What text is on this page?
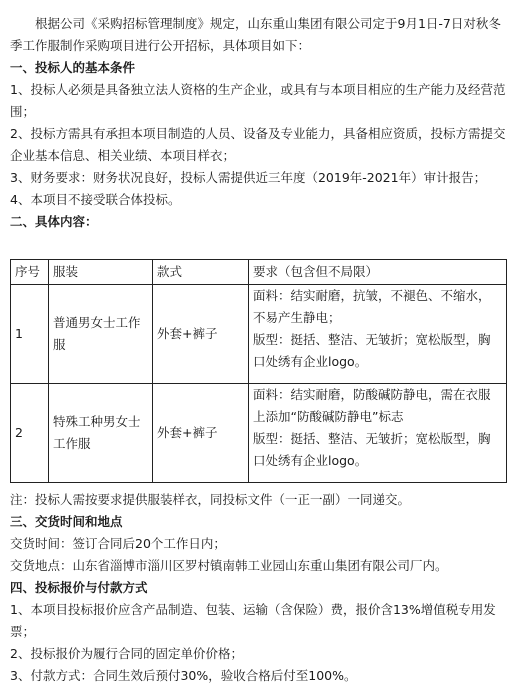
根据公司《采购招标管理制度》规定，山东重山集团有限公司定于9月1日-7日对秋冬季工作服制作采购项目进行公开招标，具体项目如下：

一、投标人的基本条件

1、投标人必须是具备独立法人资格的生产企业，或具有与本项目相应的生产能力及经营范围；

2、投标方需具有承担本项目制造的人员、设备及专业能力，具备相应资质，投标方需提交企业基本信息、相关业绩、本项目样衣；

3、财务要求：财务状况良好，投标人需提供近三年度（2019年-2021年）审计报告；

4、本项目不接受联合体投标。

二、具体内容：

序号	服装	款式	要求（包含但不局限）
1	普通男女士工作服	外套+裤子	面料：结实耐磨，抗皱，不褪色、不缩水，不易产生静电；
版型：挺括、整洁、无皱折；宽松版型，胸口处绣有企业logo。

2	特殊工种男女士工作服	外套+裤子	面料：结实耐磨，防酸碱防静电，需在衣服上添加“防酸碱防静电”标志
版型：挺括、整洁、无皱折；宽松版型，胸口处绣有企业logo。

注：投标人需按要求提供服装样衣，同投标文件（一正一副）一同递交。

三、交货时间和地点

交货时间：签订合同后20个工作日内；

交货地点：山东省淄博市淄川区罗村镇南韩工业园山东重山集团有限公司厂内。

四、投标报价与付款方式

1、本项目投标报价应含产品制造、包装、运输（含保险）费，报价含13%增值税专用发票；

2、投标报价为履行合同的固定单价价格；

3、付款方式：合同生效后预付30%，验收合格后付至100%。
